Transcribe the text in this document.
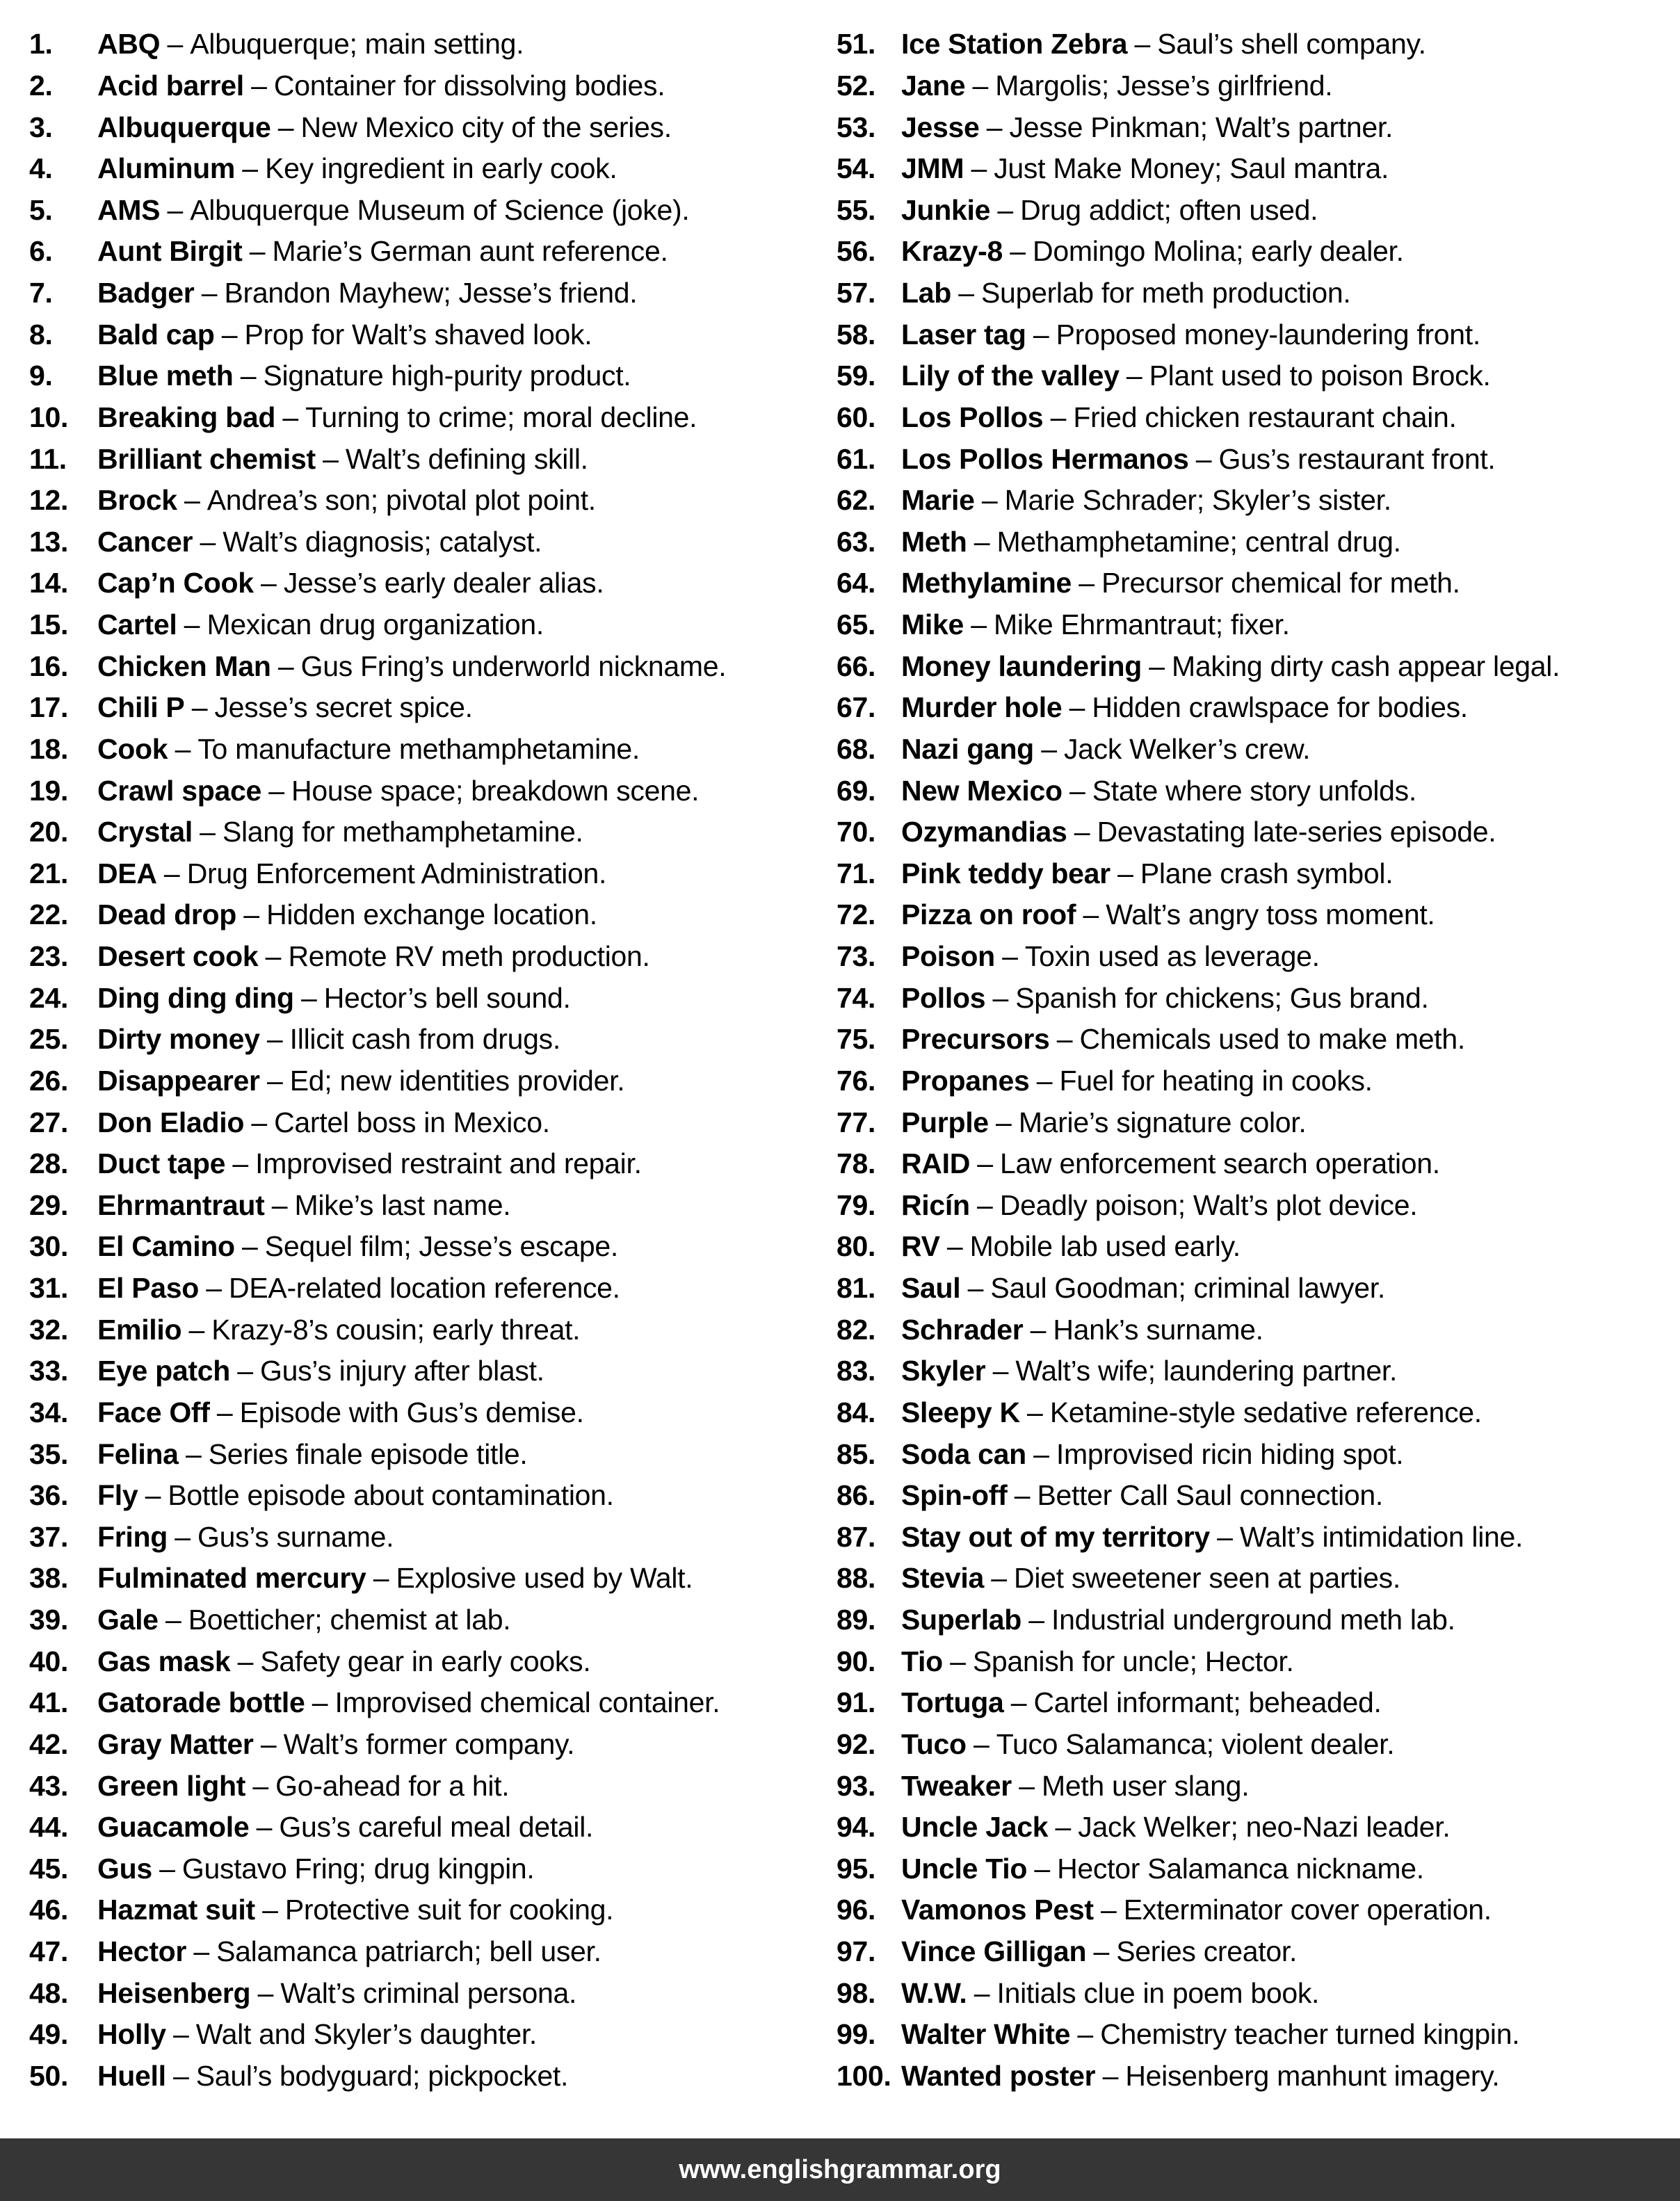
1.	ABQ – Albuquerque; main setting.
2.	Acid barrel – Container for dissolving bodies.
3.	Albuquerque – New Mexico city of the series.
4.	Aluminum – Key ingredient in early cook.
5.	AMS – Albuquerque Museum of Science (joke).
6.	Aunt Birgit – Marie’s German aunt reference.
7.	Badger – Brandon Mayhew; Jesse’s friend.
8.	Bald cap – Prop for Walt’s shaved look.
9.	Blue meth – Signature high-purity product.
10.	Breaking bad – Turning to crime; moral decline.
11.	Brilliant chemist – Walt’s defining skill.
12.	Brock – Andrea’s son; pivotal plot point.
13.	Cancer – Walt’s diagnosis; catalyst.
14.	Cap’n Cook – Jesse’s early dealer alias.
15.	Cartel – Mexican drug organization.
16.	Chicken Man – Gus Fring’s underworld nickname.
17.	Chili P – Jesse’s secret spice.
18.	Cook – To manufacture methamphetamine.
19.	Crawl space – House space; breakdown scene.
20.	Crystal – Slang for methamphetamine.
21.	DEA – Drug Enforcement Administration.
22.	Dead drop – Hidden exchange location.
23.	Desert cook – Remote RV meth production.
24.	Ding ding ding – Hector’s bell sound.
25.	Dirty money – Illicit cash from drugs.
26.	Disappearer – Ed; new identities provider.
27.	Don Eladio – Cartel boss in Mexico.
28.	Duct tape – Improvised restraint and repair.
29.	Ehrmantraut – Mike’s last name.
30.	El Camino – Sequel film; Jesse’s escape.
31.	El Paso – DEA-related location reference.
32.	Emilio – Krazy-8’s cousin; early threat.
33.	Eye patch – Gus’s injury after blast.
34.	Face Off – Episode with Gus’s demise.
35.	Felina – Series finale episode title.
36.	Fly – Bottle episode about contamination.
37.	Fring – Gus’s surname.
38.	Fulminated mercury – Explosive used by Walt.
39.	Gale – Boetticher; chemist at lab.
40.	Gas mask – Safety gear in early cooks.
41.	Gatorade bottle – Improvised chemical container.
42.	Gray Matter – Walt’s former company.
43.	Green light – Go-ahead for a hit.
44.	Guacamole – Gus’s careful meal detail.
45.	Gus – Gustavo Fring; drug kingpin.
46.	Hazmat suit – Protective suit for cooking.
47.	Hector – Salamanca patriarch; bell user.
48.	Heisenberg – Walt’s criminal persona.
49.	Holly – Walt and Skyler’s daughter.
50.	Huell – Saul’s bodyguard; pickpocket.
51. Ice Station Zebra – Saul’s shell company.
52. Jane – Margolis; Jesse’s girlfriend.
53. Jesse – Jesse Pinkman; Walt’s partner.
54. JMM – Just Make Money; Saul mantra.
55. Junkie – Drug addict; often used.
56. Krazy-8 – Domingo Molina; early dealer.
57. Lab – Superlab for meth production.
58. Laser tag – Proposed money-laundering front.
59. Lily of the valley – Plant used to poison Brock.
60. Los Pollos – Fried chicken restaurant chain.
61. Los Pollos Hermanos – Gus’s restaurant front.
62. Marie – Marie Schrader; Skyler’s sister.
63. Meth – Methamphetamine; central drug.
64. Methylamine – Precursor chemical for meth.
65. Mike – Mike Ehrmantraut; fixer.
66. Money laundering – Making dirty cash appear legal.
67. Murder hole – Hidden crawlspace for bodies.
68. Nazi gang – Jack Welker’s crew.
69. New Mexico – State where story unfolds.
70. Ozymandias – Devastating late-series episode.
71. Pink teddy bear – Plane crash symbol.
72. Pizza on roof – Walt’s angry toss moment.
73. Poison – Toxin used as leverage.
74. Pollos – Spanish for chickens; Gus brand.
75. Precursors – Chemicals used to make meth.
76. Propanes – Fuel for heating in cooks.
77. Purple – Marie’s signature color.
78. RAID – Law enforcement search operation.
79. Ricín – Deadly poison; Walt’s plot device.
80. RV – Mobile lab used early.
81. Saul – Saul Goodman; criminal lawyer.
82. Schrader – Hank’s surname.
83. Skyler – Walt’s wife; laundering partner.
84. Sleepy K – Ketamine-style sedative reference.
85. Soda can – Improvised ricin hiding spot.
86. Spin-off – Better Call Saul connection.
87. Stay out of my territory – Walt’s intimidation line.
88. Stevia – Diet sweetener seen at parties.
89. Superlab – Industrial underground meth lab.
90. Tio – Spanish for uncle; Hector.
91. Tortuga – Cartel informant; beheaded.
92. Tuco – Tuco Salamanca; violent dealer.
93. Tweaker – Meth user slang.
94. Uncle Jack – Jack Welker; neo-Nazi leader.
95. Uncle Tio – Hector Salamanca nickname.
96. Vamonos Pest – Exterminator cover operation.
97. Vince Gilligan – Series creator.
98. W.W. – Initials clue in poem book.
99. Walter White – Chemistry teacher turned kingpin.
100. Wanted poster – Heisenberg manhunt imagery.
www.englishgrammar.org
